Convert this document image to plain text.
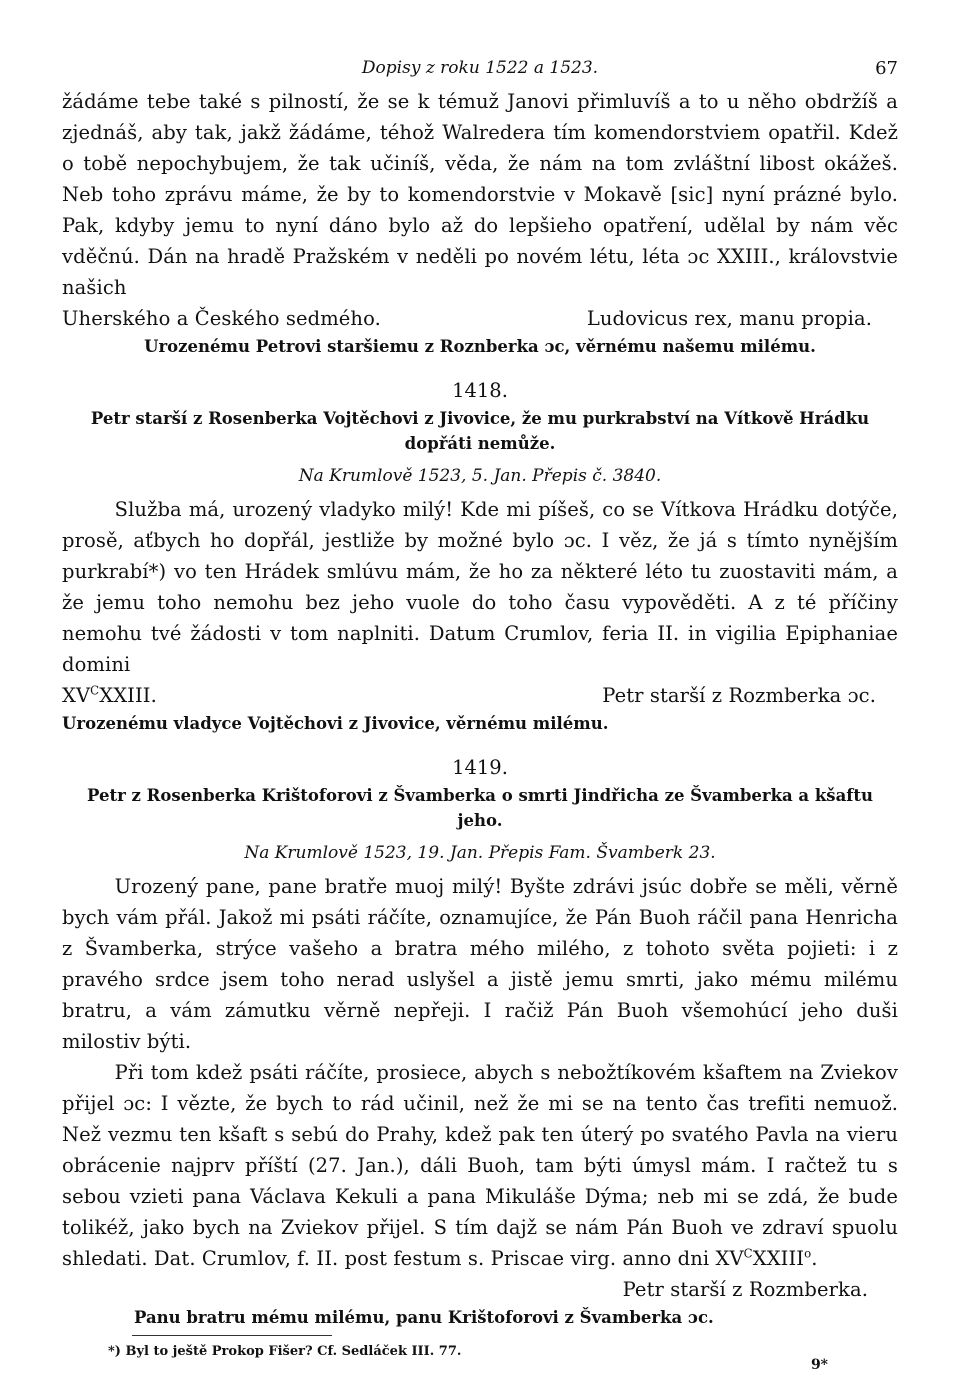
Dopisy z roku 1522 a 1523.	67

žádáme tebe také s pilností, že se k témuž Janovi přimluvíš a to u něho obdržíš a zjednáš, aby tak, jakž žádáme, téhož Walredera tím komendorstviem opatřil. Kdež o tobě nepochybujem, že tak učiníš, věda, že nám na tom zvláštní libost okážeš. Neb toho zprávu máme, že by to komendorstvie v Mokavě [sic] nyní prázné bylo. Pak, kdyby jemu to nyní dáno bylo až do lepšieho opatření, udělal by nám věc vděčnú. Dán na hradě Pražském v neděli po novém létu, léta ɔc XXIII., královstvie našich

Uherského a Českého sedmého.	Ludovicus rex, manu propia.
Urozenému Petrovi staršiemu z Roznberka ɔc, věrnému našemu milému.
1418.
Petr starší z Rosenberka Vojtěchovi z Jivovice, že mu purkrabství na Vítkově Hrádku dopřáti nemůže.
Na Krumlově 1523, 5. Jan. Přepis č. 3840.

Služba má, urozený vladyko milý! Kde mi píšeš, co se Vítkova Hrádku dotýče, prosě, aťbych ho dopřál, jestliže by možné bylo ɔc. I věz, že já s tímto nynějším purkrabí*) vo ten Hrádek smlúvu mám, že ho za některé léto tu zuostaviti mám, a že jemu toho nemohu bez jeho vuole do toho času vypověděti. A z té příčiny nemohu tvé žádosti v tom naplniti. Datum Crumlov, feria II. in vigilia Epiphaniae domini

$XV^CXXIII$.	Petr starší z Rozmberka ɔc.
Urozenému vladyce Vojtěchovi z Jivovice, věrnému milému.
1419.
Petr z Rosenberka Krištoforovi z Švamberka o smrti Jindřicha ze Švamberka a kšaftu jeho.
Na Krumlově 1523, 19. Jan. Přepis Fam. Švamberk 23.

Urozený pane, pane bratře muoj milý! Byšte zdrávi jsúc dobře se měli, věrně bych vám přál. Jakož mi psáti ráčíte, oznamujíce, že Pán Buoh ráčil pana Henricha z Švamberka, strýce vašeho a bratra mého milého, z tohoto světa pojieti: i z pravého srdce jsem toho nerad uslyšel a jistě jemu smrti, jako mému milému bratru, a vám zámutku věrně nepřeji. I račiž Pán Buoh všemohúcí jeho duši milostiv býti.

Při tom kdež psáti ráčíte, prosiece, abych s nebožtíkovém kšaftem na Zviekov přijel ɔc: I vězte, že bych to rád učinil, než že mi se na tento čas trefiti nemuož. Než vezmu ten kšaft s sebú do Prahy, kdež pak ten úterý po svatého Pavla na vieru obrácenie najprv příští (27. Jan.), dáli Buoh, tam býti úmysl mám. I račtež tu s sebou vzieti pana Václava Kekuli a pana Mikuláše Dýma; neb mi se zdá, že bude tolikéž, jako bych na Zviekov přijel. S tím dajž se nám Pán Buoh ve zdraví spuolu shledati. Dat. Crumlov, f. II. post festum s. Priscae virg. anno dni $XV^CXXIII^o$.

Petr starší z Rozmberka.
Panu bratru mému milému, panu Krištoforovi z Švamberka ɔc.
*) Byl to ještě Prokop Fišer? Cf. Sedláček III. 77.
9*
